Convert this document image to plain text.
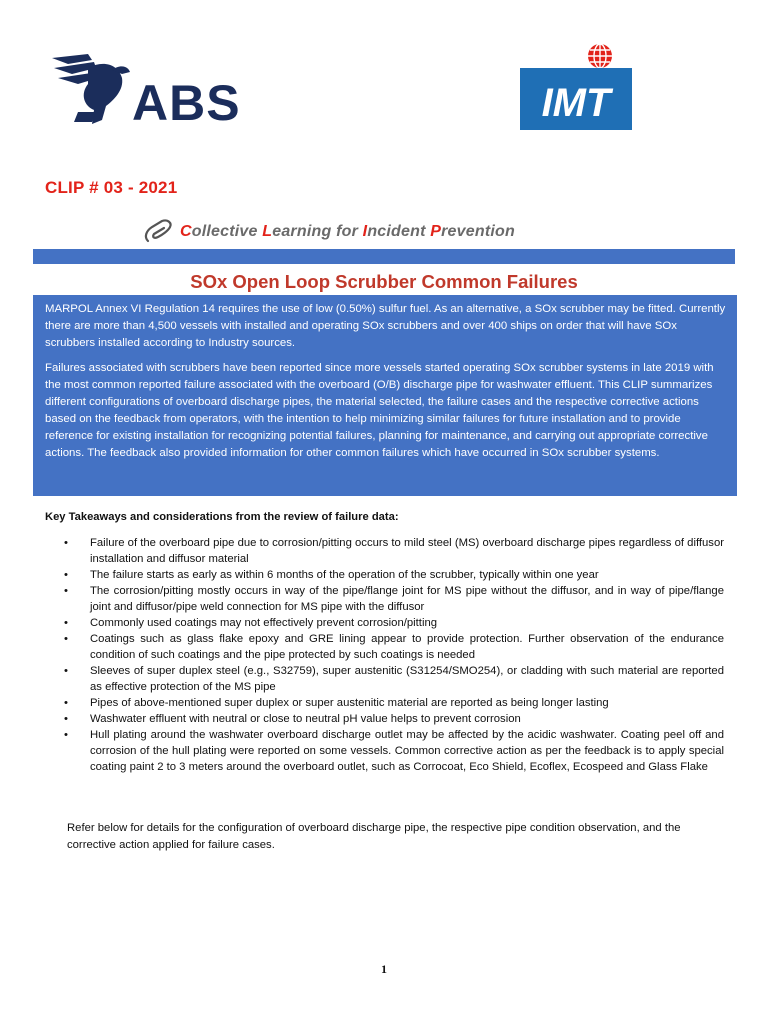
ABS	IMT
CLIP # 03 - 2021
Collective Learning for Incident Prevention
SOx Open Loop Scrubber Common Failures

MARPOL Annex VI Regulation 14 requires the use of low (0.50%) sulfur fuel. As an alternative, a SOx scrubber may be fitted. Currently there are more than 4,500 vessels with installed and operating SOx scrubbers and over 400 ships on order that will have SOx scrubbers installed according to Industry sources.

Failures associated with scrubbers have been reported since more vessels started operating SOx scrubber systems in late 2019 with the most common reported failure associated with the overboard (O/B) discharge pipe for washwater effluent. This CLIP summarizes different configurations of overboard discharge pipes, the material selected, the failure cases and the respective corrective actions based on the feedback from operators, with the intention to help minimizing similar failures for future installation and to provide reference for existing installation for recognizing potential failures, planning for maintenance, and carrying out appropriate corrective actions. The feedback also provided information for other common failures which have occurred in SOx scrubber systems.

Key Takeaways and considerations from the review of failure data:
• Failure of the overboard pipe due to corrosion/pitting occurs to mild steel (MS) overboard discharge pipes regardless of diffusor installation and diffusor material
• The failure starts as early as within 6 months of the operation of the scrubber, typically within one year
• The corrosion/pitting mostly occurs in way of the pipe/flange joint for MS pipe without the diffusor, and in way of pipe/flange joint and diffusor/pipe weld connection for MS pipe with the diffusor
• Commonly used coatings may not effectively prevent corrosion/pitting
• Coatings such as glass flake epoxy and GRE lining appear to provide protection. Further observation of the endurance condition of such coatings and the pipe protected by such coatings is needed
• Sleeves of super duplex steel (e.g., S32759), super austenitic (S31254/SMO254), or cladding with such material are reported as effective protection of the MS pipe
• Pipes of above-mentioned super duplex or super austenitic material are reported as being longer lasting
• Washwater effluent with neutral or close to neutral pH value helps to prevent corrosion
• Hull plating around the washwater overboard discharge outlet may be affected by the acidic washwater. Coating peel off and corrosion of the hull plating were reported on some vessels. Common corrective action as per the feedback is to apply special coating paint 2 to 3 meters around the overboard outlet, such as Corrocoat, Eco Shield, Ecoflex, Ecospeed and Glass Flake
Refer below for details for the configuration of overboard discharge pipe, the respective pipe condition observation, and the corrective action applied for failure cases.
1
